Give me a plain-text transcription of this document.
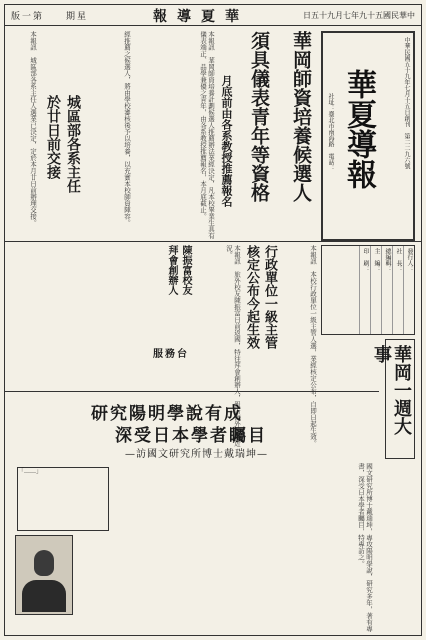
日五十九月七年九十五國民華中
報導夏華
版一第　　期星
中華民國五十九年七月十五日創刊　第二二九六號
華夏導報
社址：臺北市南海路　電話：　
發行人：　
社　長：　
總編輯：　
主　編：　
印　刷：　
華岡師資培養候選人
須具儀表青年等資格
月底前由各系教授推薦報名
本報訊　華岡師資培養計劃候選人推薦辦法業經決定，凡本校畢業生具有儀表端正、品學兼優之青年，由各系教授推薦報名，本月底截止。
經推薦之候選人，將由學校審核後予以培養，以充實本校師資陣容。
城區部各系主任
於廿日前交接
本報訊　城區部各系主任人選業已決定，定於本月廿日前辦理交接。
本報訊　本校行政單位一級主管人選，業經核定公布，自即日起生效。
行政單位一級主管
核定公布今起生效
本報訊　旅外校友陳振富日前返國，特往拜會創辦人，報告海外校友近況。
陳振富校友
拜會創辦人
服務台	華岡一週大事
研究陽明學說有成
深受日本學者矚目
—訪國文研究所博士戴瑞坤—
「……」	國文研究所博士戴瑞坤，專攻陽明學說，研究多年，著有專書，深受日本學者矚目，特專訪之。
